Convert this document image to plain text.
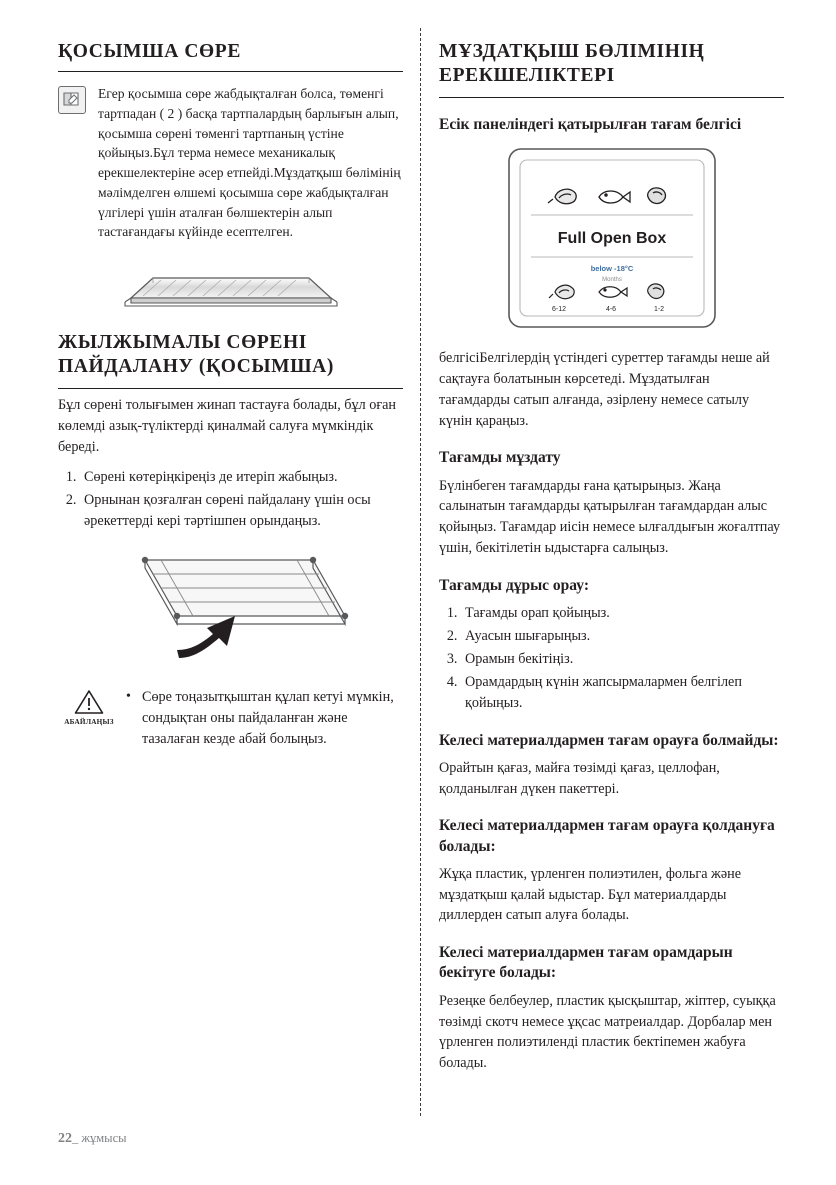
ҚОСЫМША СӨРЕ
Егер қосымша сөре жабдықталған болса, төменгі тартпадан ( 2 ) басқа тартпалардың барлығын алып, қосымша сөрені төменгі тартпаның үстіне қойыңыз.Бұл терма немесе механикалық ерекшелектеріне әсер етпейді.Мұздатқыш бөлімінің мәлімделген өлшемі қосымша сөре жабдықталған үлгілері үшін аталған бөлшектерін алып тастағандағы күйінде есептелген.
ЖЫЛЖЫМАЛЫ СӨРЕНІ ПАЙДАЛАНУ (ҚОСЫМША)

Бұл сөрені толығымен жинап тастауға болады, бұл оған көлемді азық-түліктерді қиналмай салуға мүмкіндік береді.

1. Сөрені көтеріңкіреңіз де итеріп жабыңыз.
2. Орнынан қозғалған сөрені пайдалану үшін осы әрекеттерді кері тәртішпен орындаңыз.
АБАЙЛАҢЫЗ
• Сөре тоңазытқыштан құлап кетуі мүмкін, сондықтан оны пайдаланған және тазалаған кезде абай болыңыз.
МҰЗДАТҚЫШ БӨЛІМІНІҢ ЕРЕКШЕЛІКТЕРІ
Есік панеліндегі қатырылған тағам белгісі
Full Open Box
below -18°C
Months
6-12	4-6	1-2

белгісіБелгілердің үстіндегі суреттер тағамды неше ай сақтауға болатынын көрсетеді. Мұздатылған тағамдарды сатып алғанда, әзірлену немесе сатылу күнін қараңыз.

Тағамды мұздату

Бүлінбеген тағамдарды ғана қатырыңыз. Жаңа салынатын тағамдарды қатырылған тағамдардан алыс қойыңыз. Тағамдар иісін немесе ылғалдығын жоғалтпау үшін, бекітілетін ыдыстарға салыңыз.

Тағамды дұрыс орау:
1. Тағамды орап қойыңыз.
2. Ауасын шығарыңыз.
3. Орамын бекітіңіз.
4. Орамдардың күнін жапсырмалармен белгілеп қойыңыз.
Келесі материалдармен тағам орауға болмайды:

Орайтын қағаз, майға төзімді қағаз, целлофан, қолданылған дүкен пакеттері.

Келесі материалдармен тағам орауға қолдануға болады:

Жұқа пластик, үрленген полиэтилен, фольга және мұздатқыш қалай ыдыстар. Бұл материалдарды диллерден сатып алуға болады.

Келесі материалдармен тағам орамдарын бекітуге болады:

Резеңке белбеулер, пластик қысқыштар, жіптер, суыққа төзімді скотч немесе ұқсас матреиалдар. Дорбалар мен үрленген полиэтиленді пластик бектіпемен жабуға болады.

22_ жұмысы
